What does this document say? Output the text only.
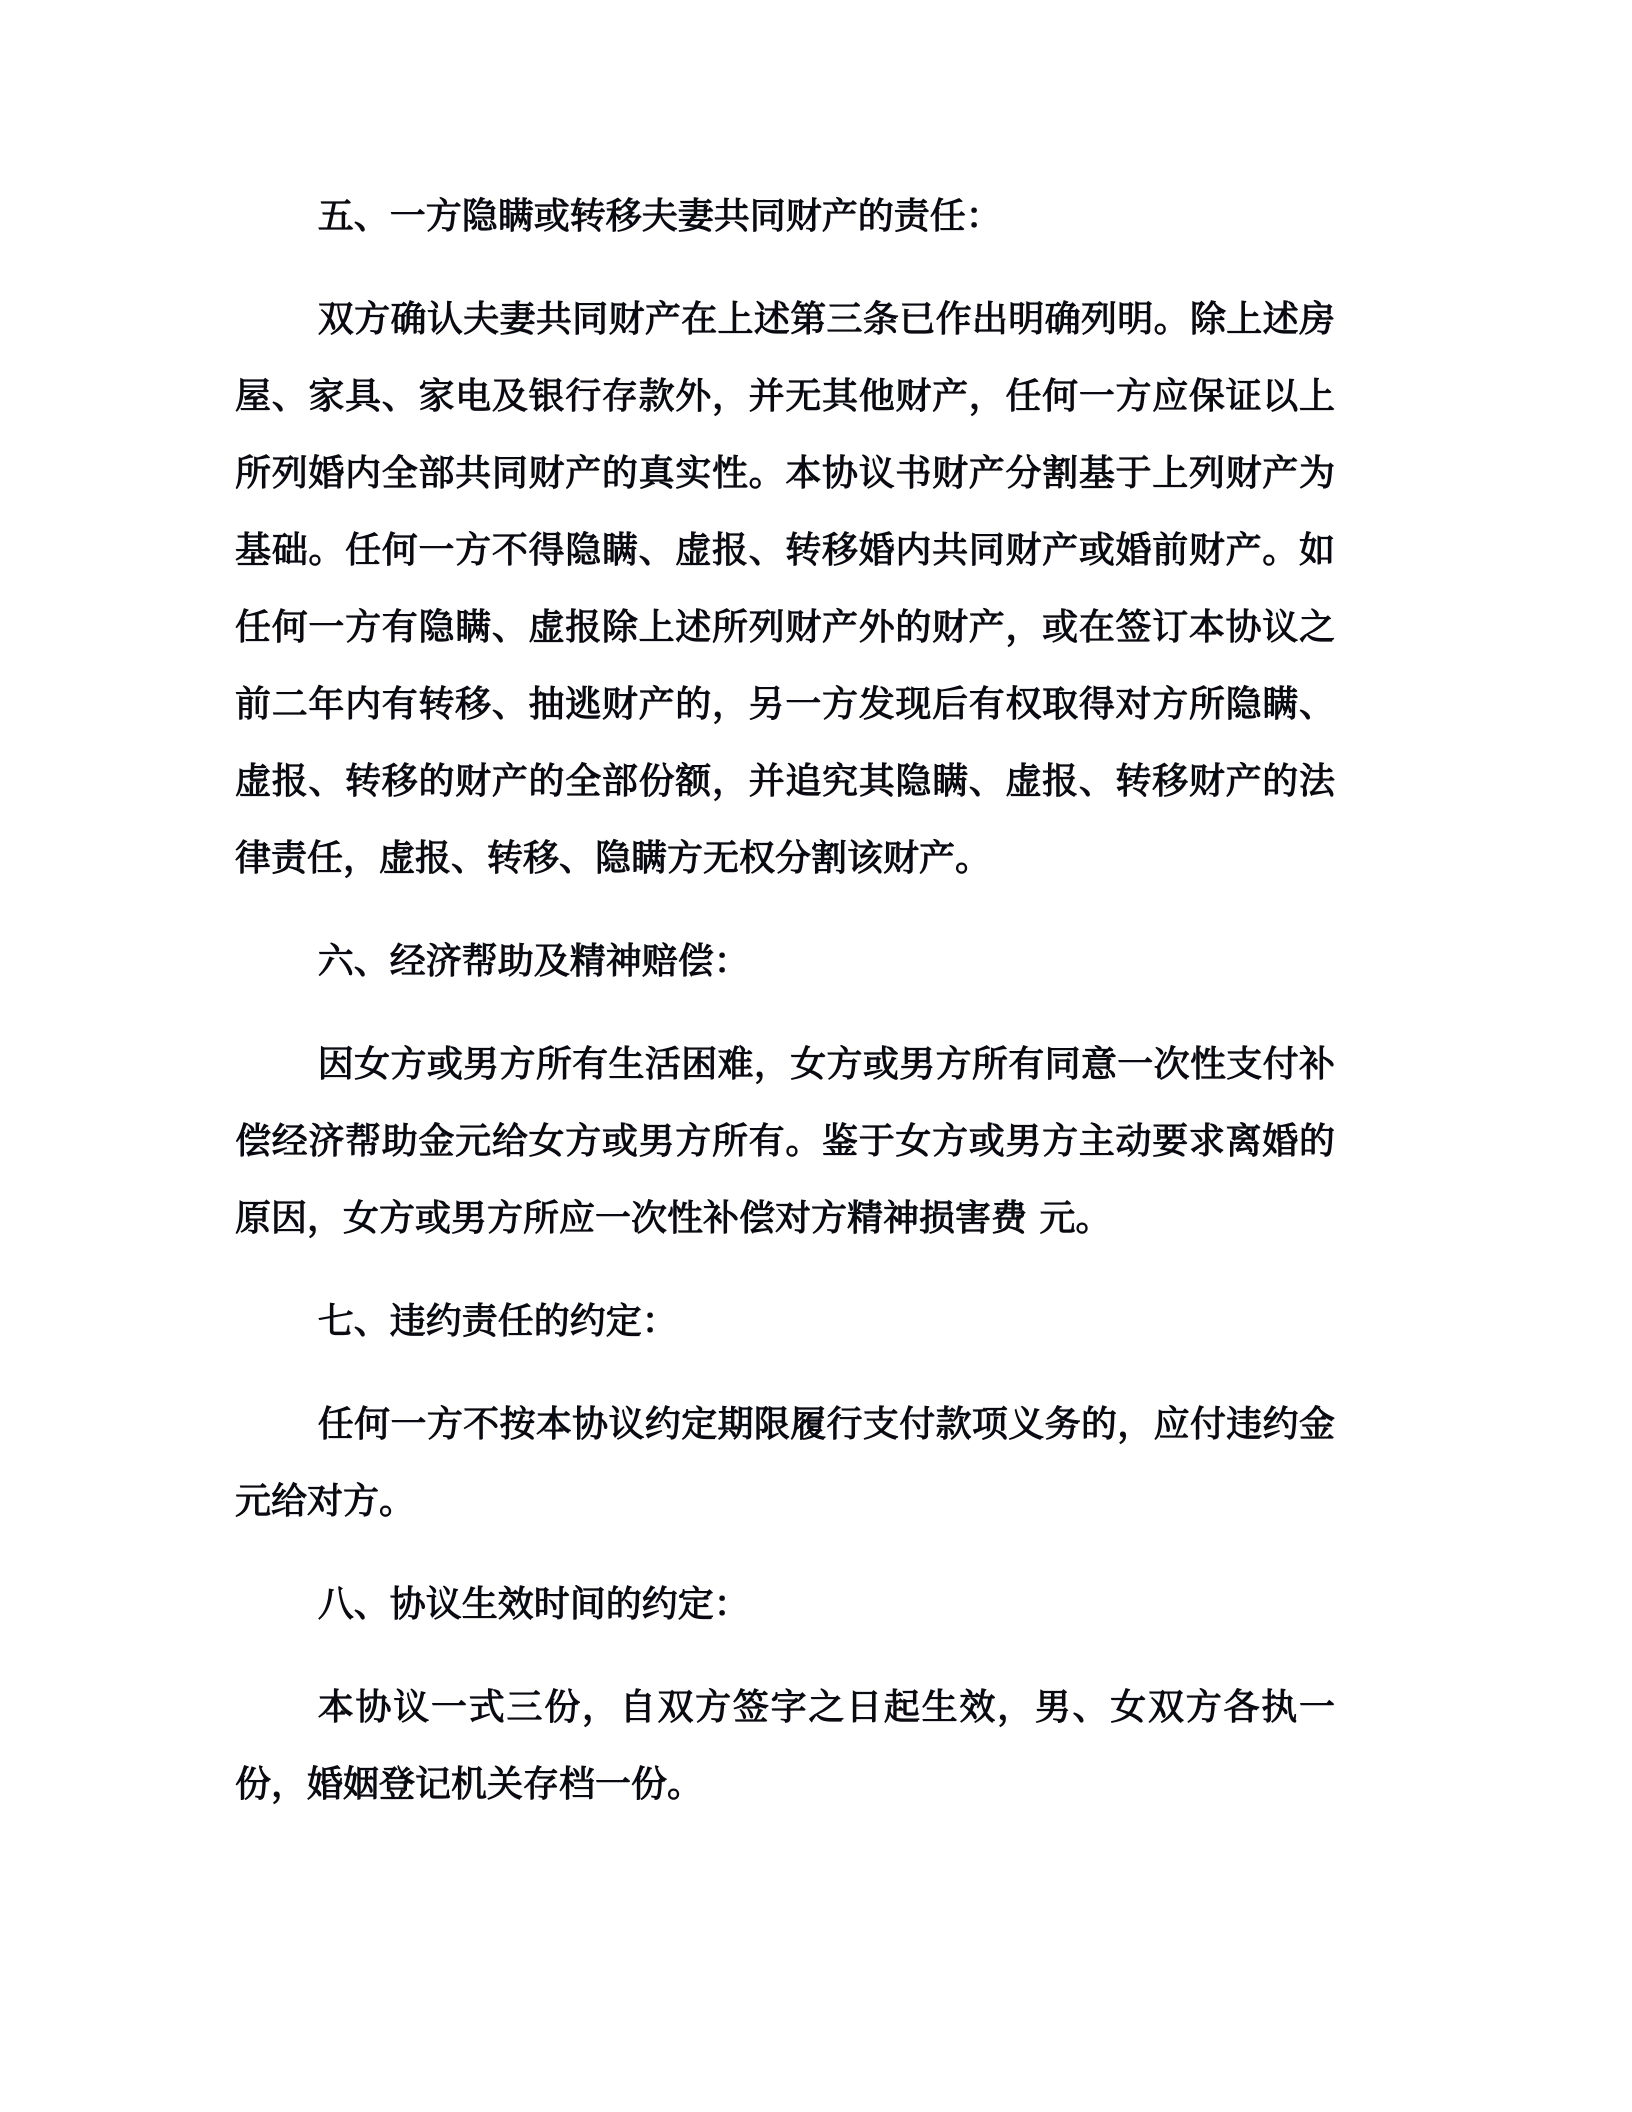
五、一方隐瞒或转移夫妻共同财产的责任：

双方确认夫妻共同财产在上述第三条已作出明确列明。除上述房屋、家具、家电及银行存款外，并无其他财产，任何一方应保证以上所列婚内全部共同财产的真实性。本协议书财产分割基于上列财产为基础。任何一方不得隐瞒、虚报、转移婚内共同财产或婚前财产。如任何一方有隐瞒、虚报除上述所列财产外的财产，或在签订本协议之前二年内有转移、抽逃财产的，另一方发现后有权取得对方所隐瞒、虚报、转移的财产的全部份额，并追究其隐瞒、虚报、转移财产的法律责任，虚报、转移、隐瞒方无权分割该财产。

六、经济帮助及精神赔偿：

因女方或男方所有生活困难，女方或男方所有同意一次性支付补偿经济帮助金元给女方或男方所有。鉴于女方或男方主动要求离婚的原因，女方或男方所应一次性补偿对方精神损害费 元。

七、违约责任的约定：

任何一方不按本协议约定期限履行支付款项义务的，应付违约金元给对方。

八、协议生效时间的约定：

本协议一式三份，自双方签字之日起生效，男、女双方各执一份，婚姻登记机关存档一份。
